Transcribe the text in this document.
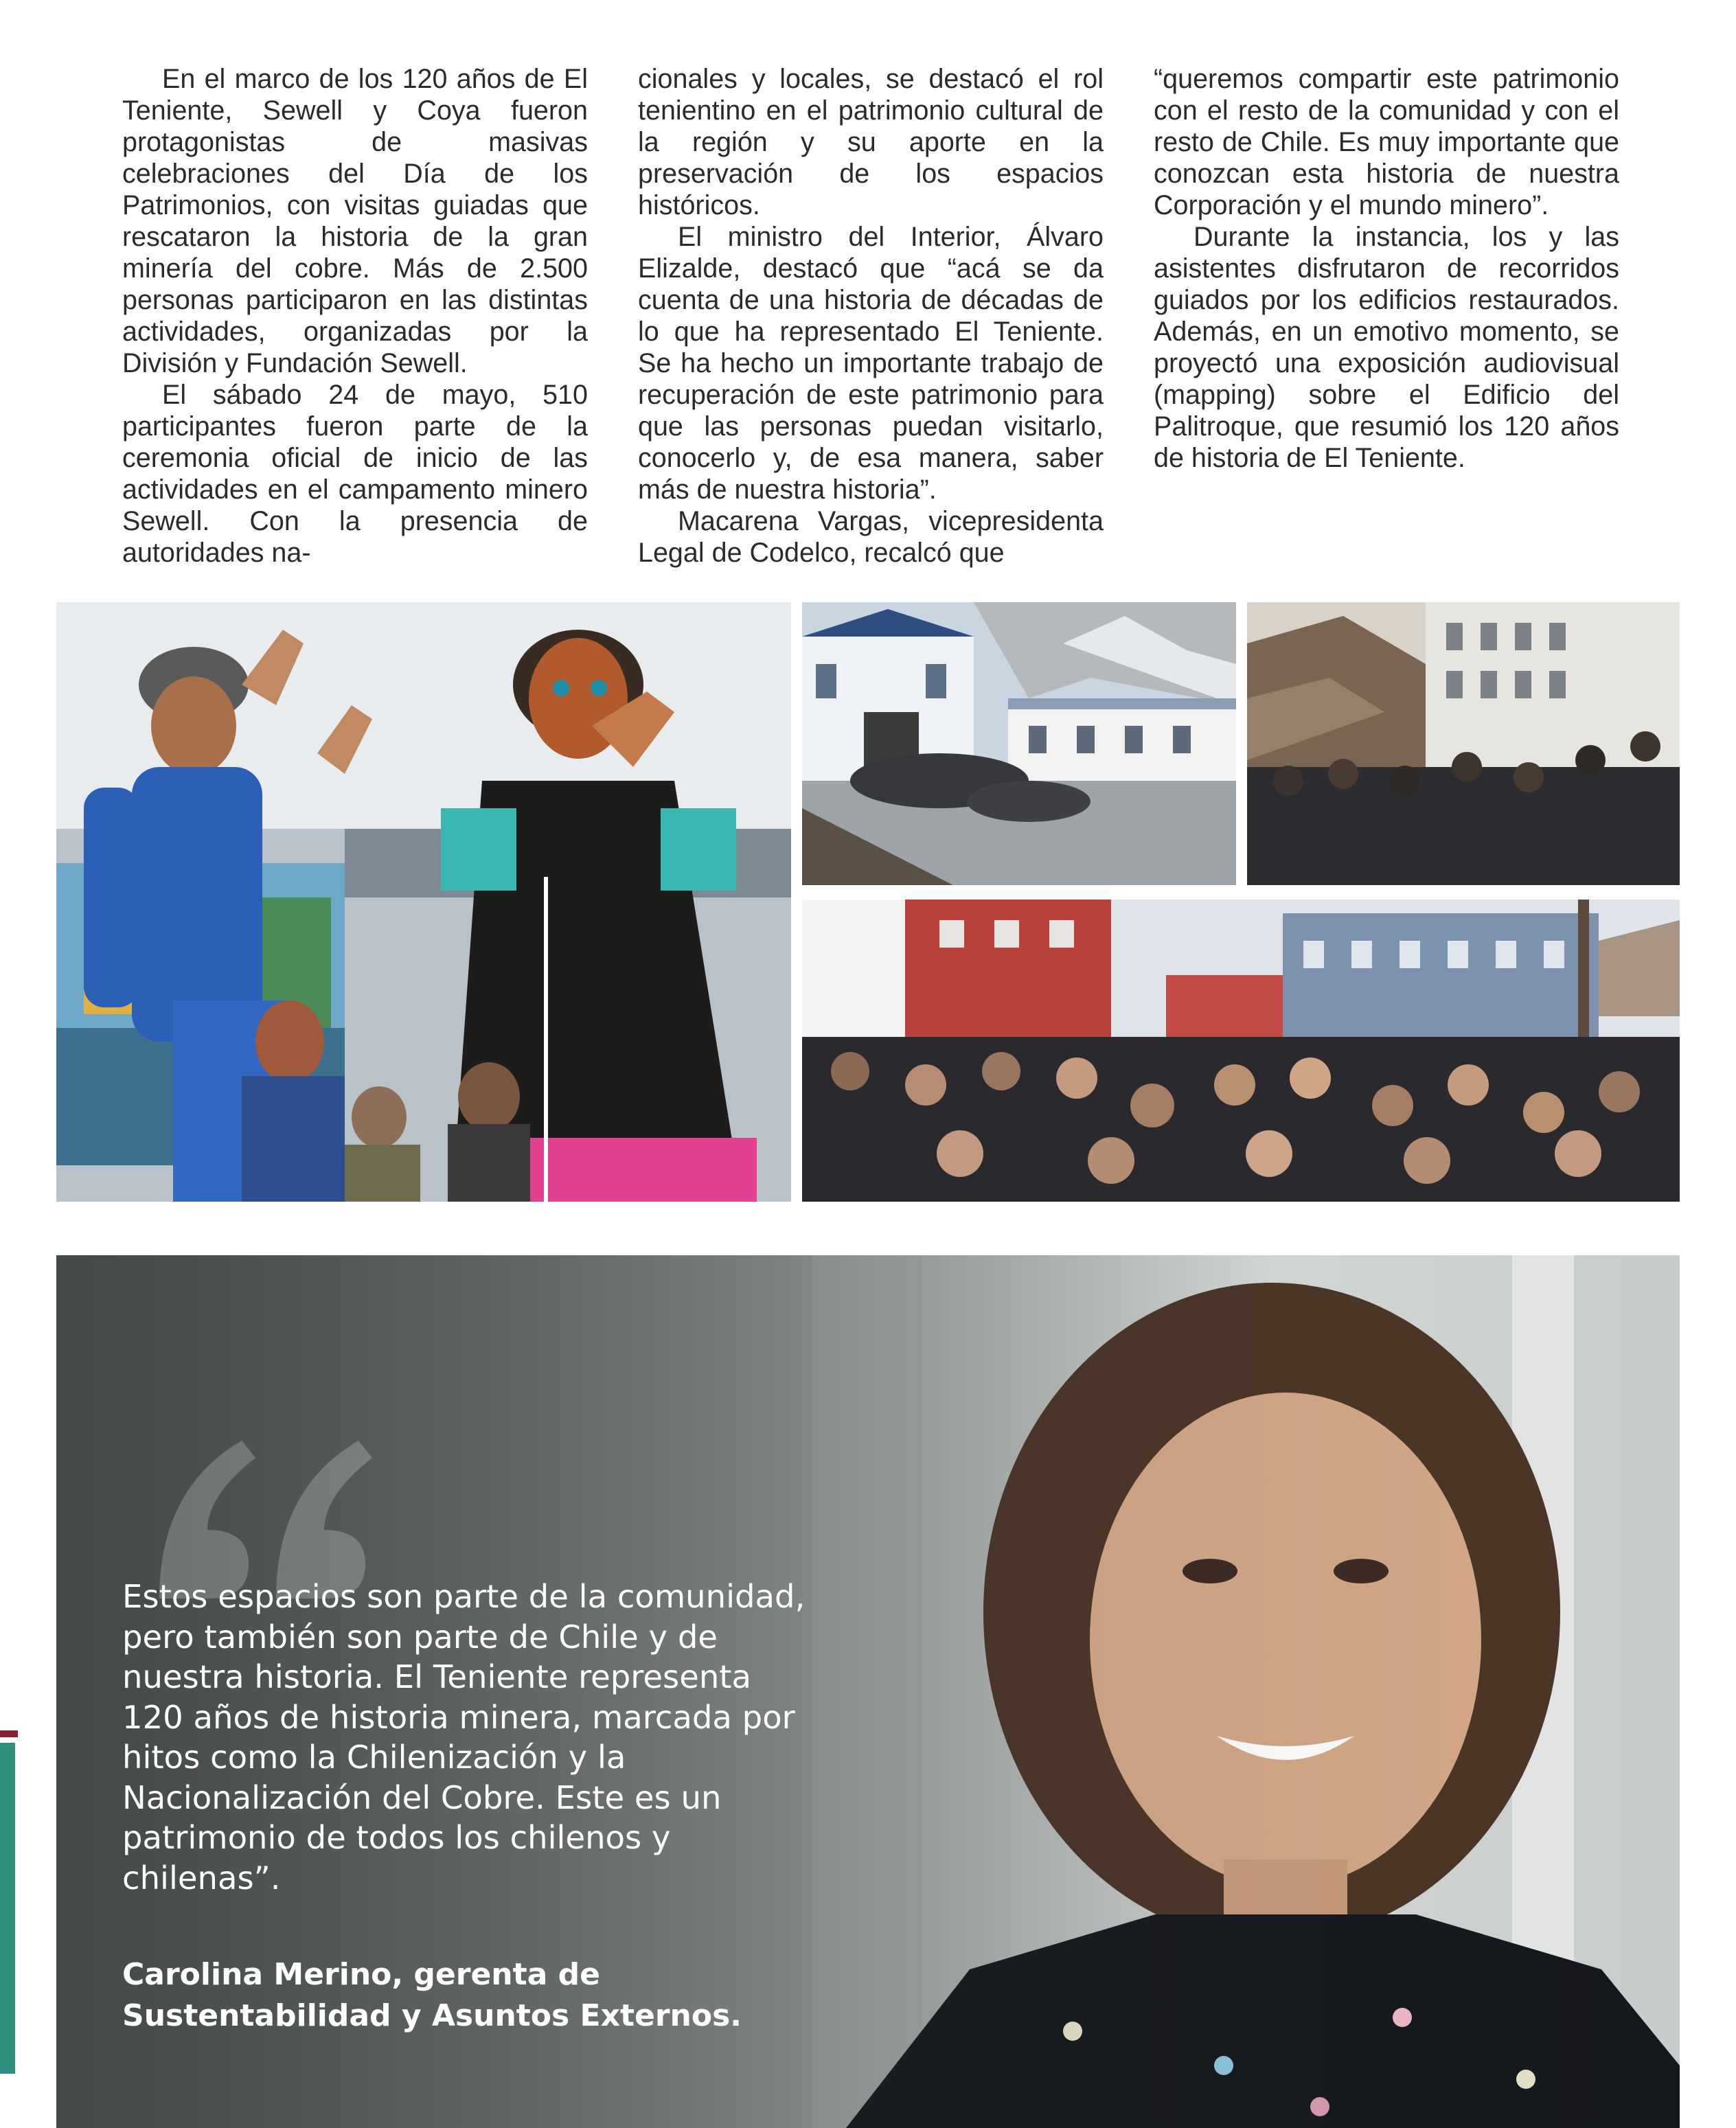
En el marco de los 120 años de El Teniente, Sewell y Coya fueron protagonistas de masivas celebraciones del Día de los Patrimonios, con visitas guiadas que rescataron la historia de la gran minería del cobre. Más de 2.500 personas participaron en las distintas actividades, organizadas por la División y Fundación Sewell.

El sábado 24 de mayo, 510 participantes fueron parte de la ceremonia oficial de inicio de las actividades en el campamento minero Sewell. Con la presencia de autoridades na-

cionales y locales, se destacó el rol tenientino en el patrimonio cultural de la región y su aporte en la preservación de los espacios históricos.

El ministro del Interior, Álvaro Elizalde, destacó que “acá se da cuenta de una historia de décadas de lo que ha representado El Teniente. Se ha hecho un importante trabajo de recuperación de este patrimonio para que las personas puedan visitarlo, conocerlo y, de esa manera, saber más de nuestra historia”.

Macarena Vargas, vicepresidenta Legal de Codelco, recalcó que

“queremos compartir este patrimonio con el resto de la comunidad y con el resto de Chile. Es muy importante que conozcan esta historia de nuestra Corporación y el mundo minero”.

Durante la instancia, los y las asistentes disfrutaron de recorridos guiados por los edificios restaurados. Además, en un emotivo momento, se proyectó una exposición audiovisual (mapping) sobre el Edificio del Palitroque, que resumió los 120 años de historia de El Teniente.

Estos espacios son parte de la comunidad, pero también son parte de Chile y de nuestra historia. El Teniente representa 120 años de historia minera, marcada por hitos como la Chilenización y la Nacionalización del Cobre. Este es un patrimonio de todos los chilenos y chilenas”.

Carolina Merino, gerenta de Sustentabilidad y Asuntos Externos.
